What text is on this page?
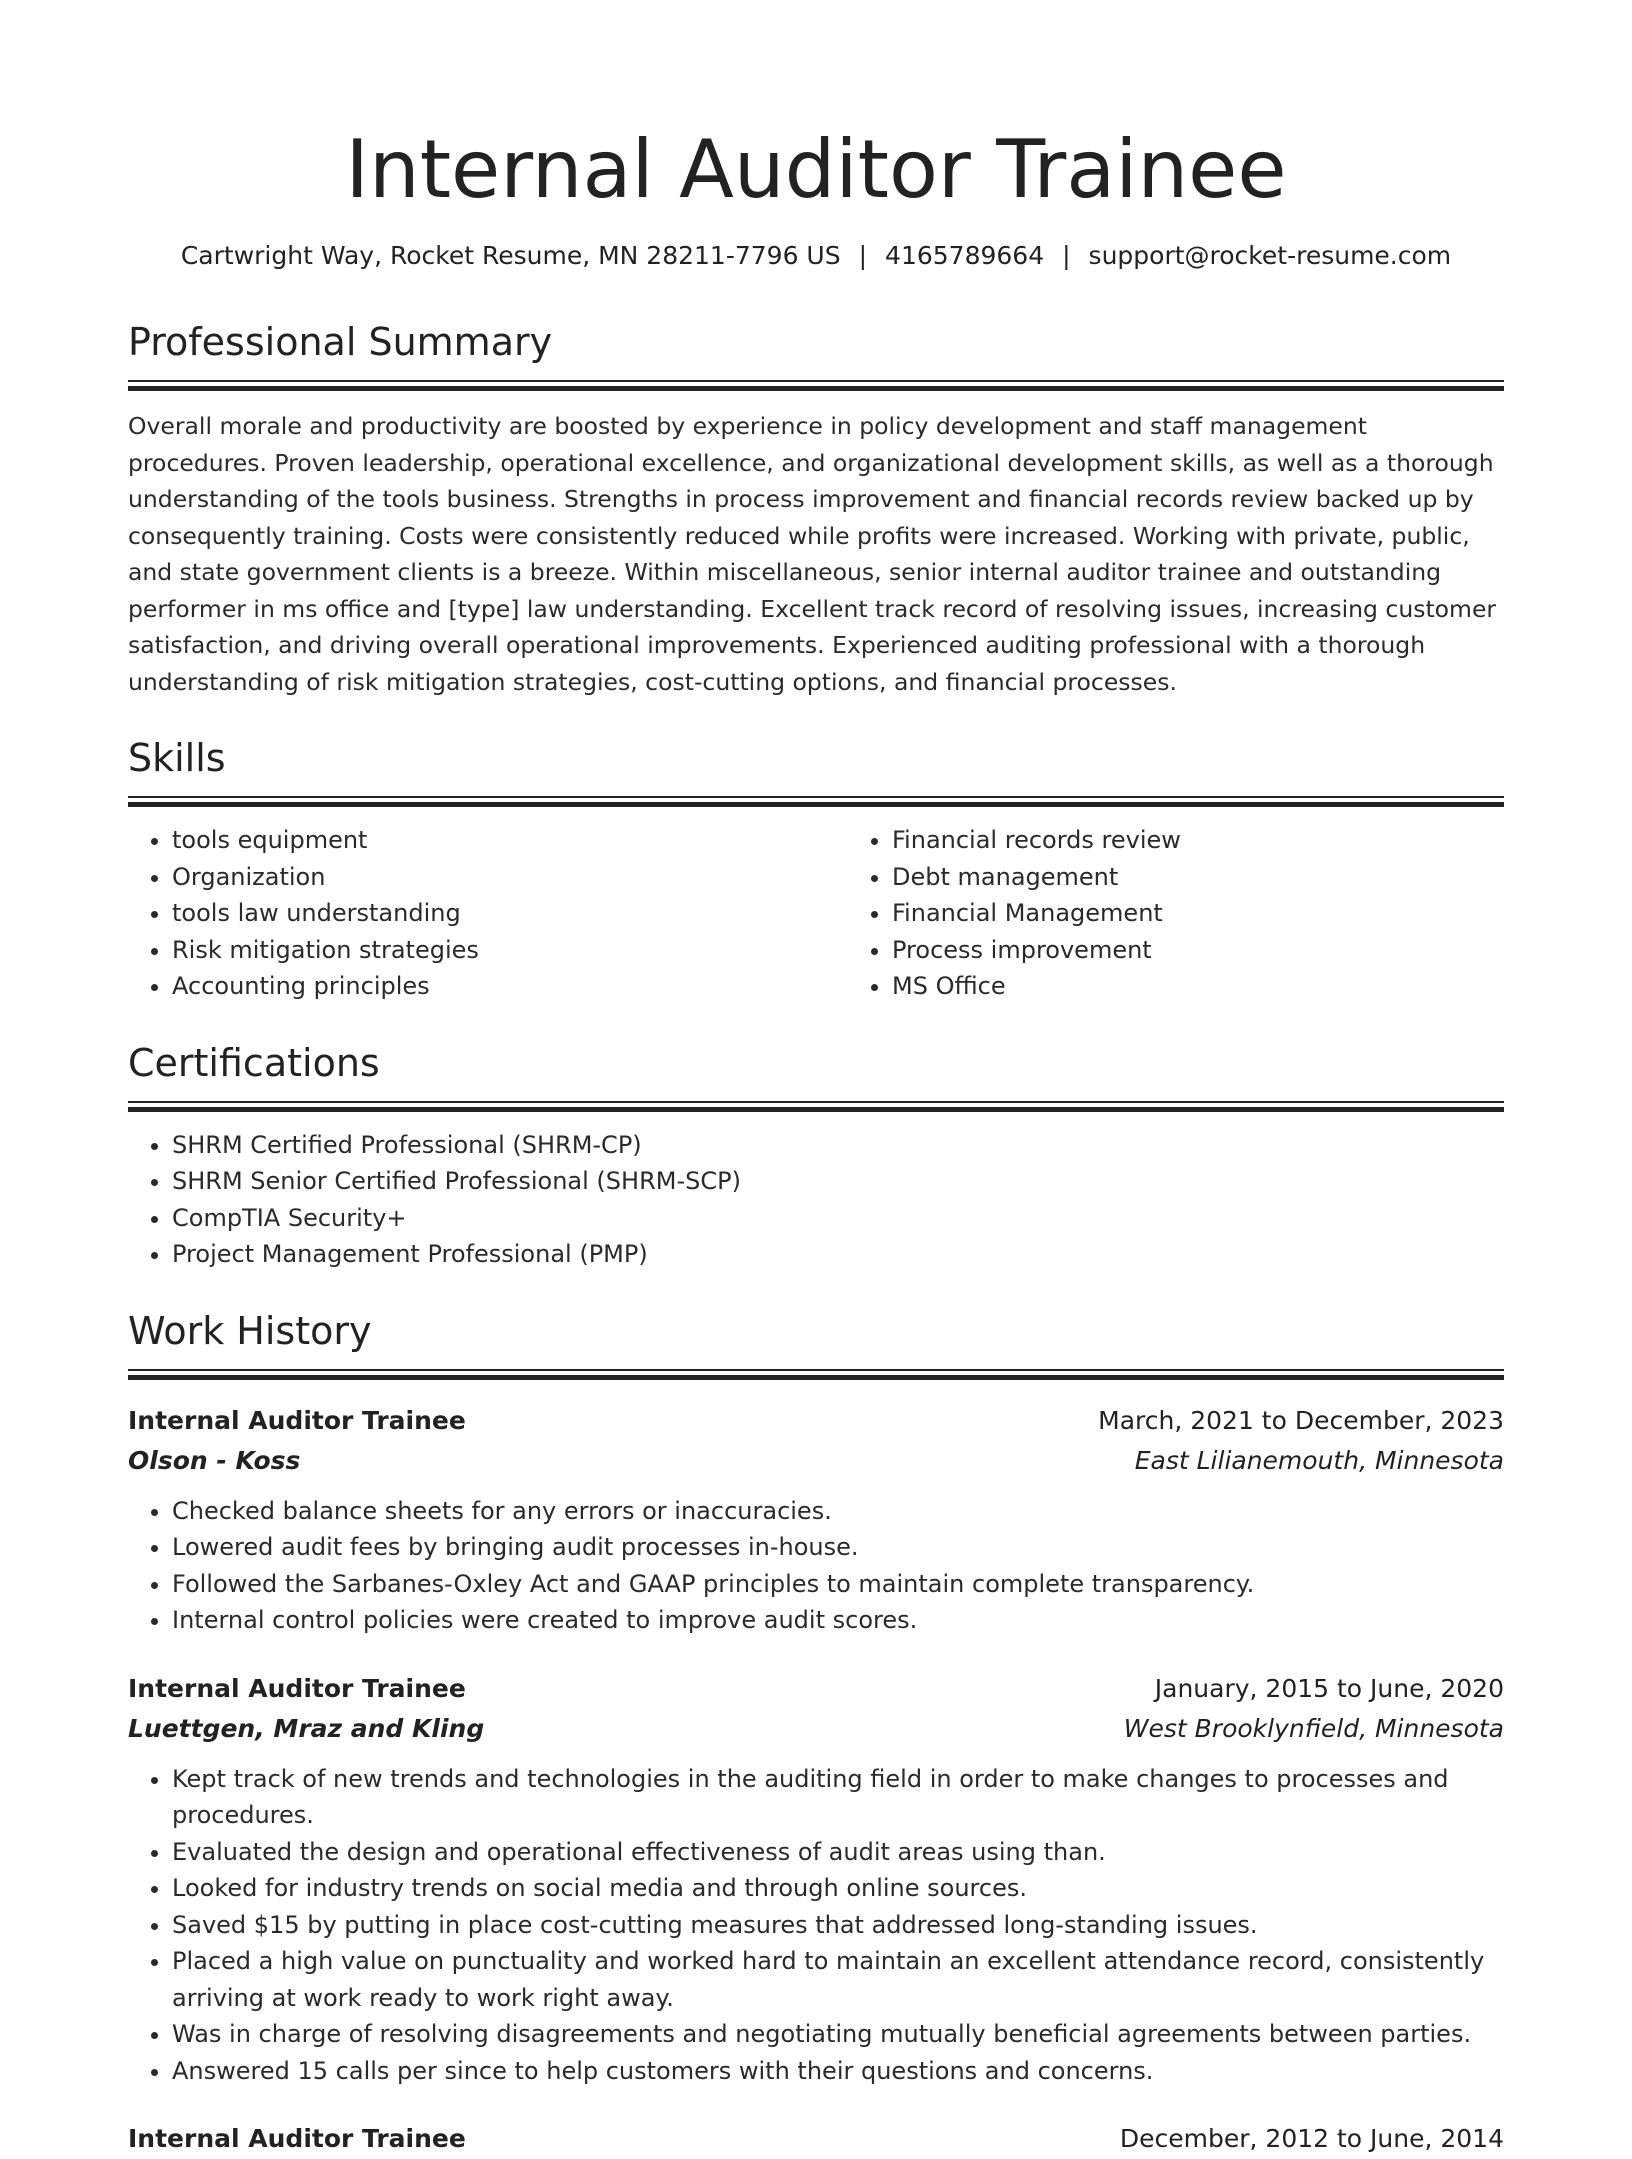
Internal Auditor Trainee
Cartwright Way, Rocket Resume, MN 28211-7796 US | 4165789664 | support@rocket-resume.com
Professional Summary

Overall morale and productivity are boosted by experience in policy development and staff management procedures. Proven leadership, operational excellence, and organizational development skills, as well as a thorough understanding of the tools business. Strengths in process improvement and financial records review backed up by consequently training. Costs were consistently reduced while profits were increased. Working with private, public, and state government clients is a breeze. Within miscellaneous, senior internal auditor trainee and outstanding performer in ms office and [type] law understanding. Excellent track record of resolving issues, increasing customer satisfaction, and driving overall operational improvements. Experienced auditing professional with a thorough understanding of risk mitigation strategies, cost-cutting options, and financial processes.

Skills
• tools equipment
• Organization
• tools law understanding
• Risk mitigation strategies
• Accounting principles
• Financial records review
• Debt management
• Financial Management
• Process improvement
• MS Office
Certifications
• SHRM Certified Professional (SHRM-CP)
• SHRM Senior Certified Professional (SHRM-SCP)
• CompTIA Security+
• Project Management Professional (PMP)
Work History
Internal Auditor Trainee	March, 2021 to December, 2023
Olson - Koss	East Lilianemouth, Minnesota
• Checked balance sheets for any errors or inaccuracies.
• Lowered audit fees by bringing audit processes in-house.
• Followed the Sarbanes-Oxley Act and GAAP principles to maintain complete transparency.
• Internal control policies were created to improve audit scores.
Internal Auditor Trainee	January, 2015 to June, 2020
Luettgen, Mraz and Kling	West Brooklynfield, Minnesota
• Kept track of new trends and technologies in the auditing field in order to make changes to processes and procedures.
• Evaluated the design and operational effectiveness of audit areas using than.
• Looked for industry trends on social media and through online sources.
• Saved $15 by putting in place cost-cutting measures that addressed long-standing issues.
• Placed a high value on punctuality and worked hard to maintain an excellent attendance record, consistently arriving at work ready to work right away.
• Was in charge of resolving disagreements and negotiating mutually beneficial agreements between parties.
• Answered 15 calls per since to help customers with their questions and concerns.
Internal Auditor Trainee	December, 2012 to June, 2014
